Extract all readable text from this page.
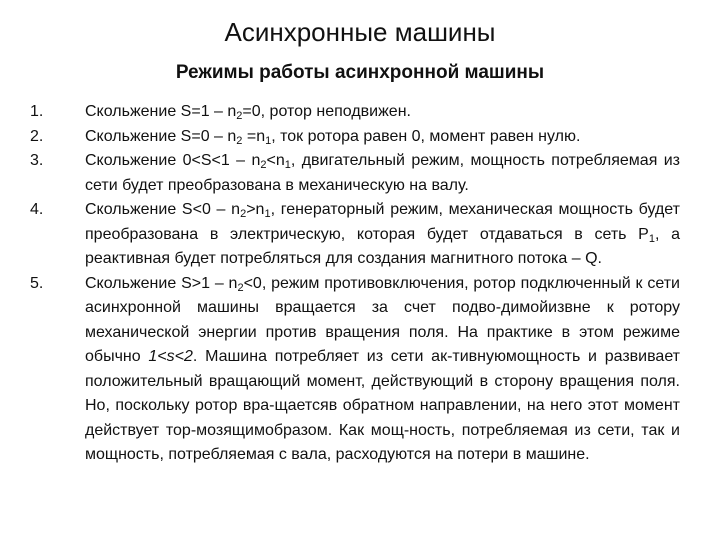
Асинхронные машины
Режимы работы асинхронной машины
1.	Скольжение $S=1 - n_2=0$, ротор неподвижен.
2.	Скольжение $S=0 - n_2 =n_1$, ток ротора равен 0, момент равен нулю.
3.	Скольжение $0<S<1 - n_2<n_1$, двигательный режим, мощность потребляемая из сети будет преобразована в механическую на валу.
4.	Скольжение $S<0 - n_2>n_1$, генераторный режим, механическая мощность будет преобразована в электрическую, которая будет отдаваться в сеть $P_1$, а реактивная будет потребляться для создания магнитного потока – Q.
5.	Скольжение $S>1 - n_2<0$, режим противовключения, ротор подключенный к сети асинхронной машины вращается за счет подво-димойизвне к ротору механической энергии против вращения поля. На практике в этом режиме обычно 1<s<2. Машина потребляет из сети ак-тивнуюмощность и развивает положительный вращающий момент, действующий в сторону вращения поля. Но, поскольку ротор вра-щаетсяв обратном направлении, на него этот момент действует тор-мозящимобразом. Как мощ-ность, потребляемая из сети, так и мощность, потребляемая с вала, расходуются на потери в машине.
